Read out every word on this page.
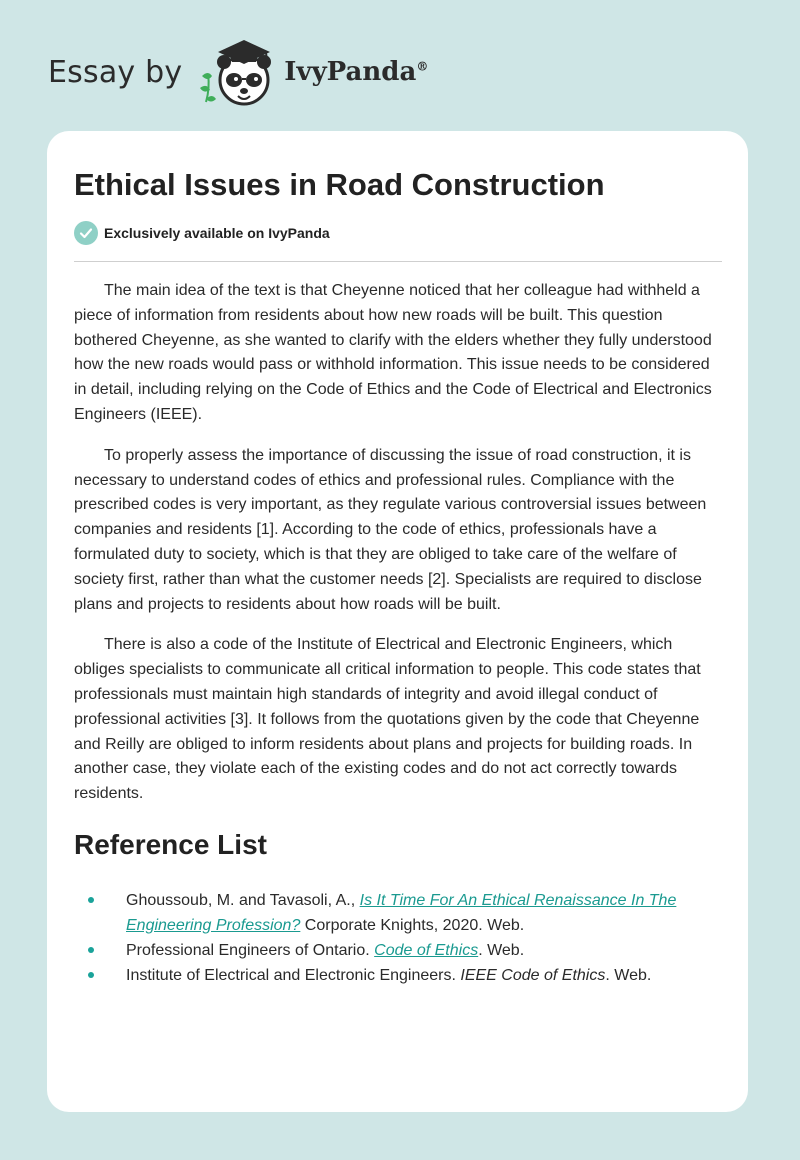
Essay by	IvyPanda®
Ethical Issues in Road Construction
Exclusively available on IvyPanda

The main idea of the text is that Cheyenne noticed that her colleague had withheld a piece of information from residents about how new roads will be built. This question bothered Cheyenne, as she wanted to clarify with the elders whether they fully understood how the new roads would pass or withhold information. This issue needs to be considered in detail, including relying on the Code of Ethics and the Code of Electrical and Electronics Engineers (IEEE).

To properly assess the importance of discussing the issue of road construction, it is necessary to understand codes of ethics and professional rules. Compliance with the prescribed codes is very important, as they regulate various controversial issues between companies and residents [1]. According to the code of ethics, professionals have a formulated duty to society, which is that they are obliged to take care of the welfare of society first, rather than what the customer needs [2]. Specialists are required to disclose plans and projects to residents about how roads will be built.

There is also a code of the Institute of Electrical and Electronic Engineers, which obliges specialists to communicate all critical information to people. This code states that professionals must maintain high standards of integrity and avoid illegal conduct of professional activities [3]. It follows from the quotations given by the code that Cheyenne and Reilly are obliged to inform residents about plans and projects for building roads. In another case, they violate each of the existing codes and do not act correctly towards residents.

Reference List
Ghoussoub, M. and Tavasoli, A., Is It Time For An Ethical Renaissance In The Engineering Profession? Corporate Knights, 2020. Web.
Professional Engineers of Ontario. Code of Ethics. Web.
Institute of Electrical and Electronic Engineers. IEEE Code of Ethics. Web.
